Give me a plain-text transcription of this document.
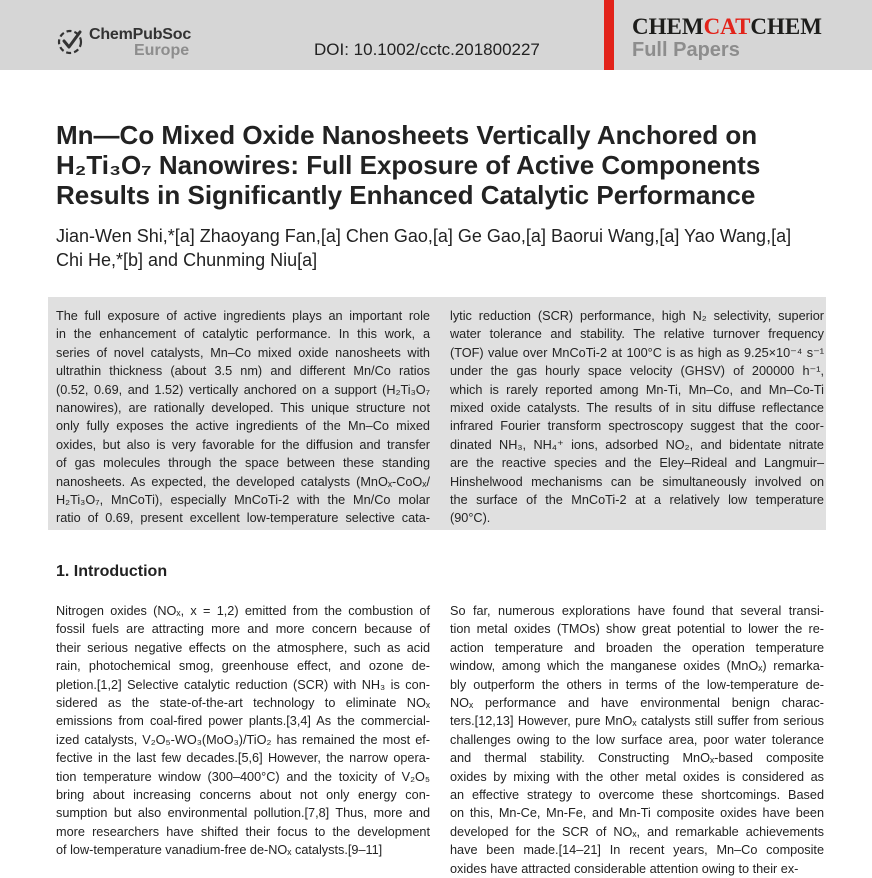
ChemPubSoc
Europe	DOI: 10.1002/cctc.201800227
CHEMCATCHEM
Full Papers
Mn—Co Mixed Oxide Nanosheets Vertically Anchored on
H₂Ti₃O₇ Nanowires: Full Exposure of Active Components
Results in Significantly Enhanced Catalytic Performance
Jian-Wen Shi,*[a] Zhaoyang Fan,[a] Chen Gao,[a] Ge Gao,[a] Baorui Wang,[a] Yao Wang,[a]
Chi He,*[b] and Chunming Niu[a]
The full exposure of active ingredients plays an important role
in the enhancement of catalytic performance. In this work, a
series of novel catalysts, Mn–Co mixed oxide nanosheets with
ultrathin thickness (about 3.5 nm) and different Mn/Co ratios
(0.52, 0.69, and 1.52) vertically anchored on a support (H₂Ti₃O₇
nanowires), are rationally developed. This unique structure not
only fully exposes the active ingredients of the Mn–Co mixed
oxides, but also is very favorable for the diffusion and transfer
of gas molecules through the space between these standing
nanosheets. As expected, the developed catalysts (MnOₓ-CoOₓ/
H₂Ti₃O₇, MnCoTi), especially MnCoTi-2 with the Mn/Co molar
ratio of 0.69, present excellent low-temperature selective cata-
lytic reduction (SCR) performance, high N₂ selectivity, superior
water tolerance and stability. The relative turnover frequency
(TOF) value over MnCoTi-2 at 100°C is as high as 9.25×10⁻⁴ s⁻¹
under the gas hourly space velocity (GHSV) of 200000 h⁻¹,
which is rarely reported among Mn-Ti, Mn–Co, and Mn–Co-Ti
mixed oxide catalysts. The results of in situ diffuse reflectance
infrared Fourier transform spectroscopy suggest that the coor-
dinated NH₃, NH₄⁺ ions, adsorbed NO₂, and bidentate nitrate
are the reactive species and the Eley–Rideal and Langmuir–
Hinshelwood mechanisms can be simultaneously involved on
the surface of the MnCoTi-2 at a relatively low temperature
(90°C).
1. Introduction
Nitrogen oxides (NOₓ, x = 1,2) emitted from the combustion of
fossil fuels are attracting more and more concern because of
their serious negative effects on the atmosphere, such as acid
rain, photochemical smog, greenhouse effect, and ozone de-
pletion.[1,2] Selective catalytic reduction (SCR) with NH₃ is con-
sidered as the state-of-the-art technology to eliminate NOₓ
emissions from coal-fired power plants.[3,4] As the commercial-
ized catalysts, V₂O₅-WO₃(MoO₃)/TiO₂ has remained the most ef-
fective in the last few decades.[5,6] However, the narrow opera-
tion temperature window (300–400°C) and the toxicity of V₂O₅
bring about increasing concerns about not only energy con-
sumption but also environmental pollution.[7,8] Thus, more and
more researchers have shifted their focus to the development
of low-temperature vanadium-free de-NOₓ catalysts.[9–11]
So far, numerous explorations have found that several transi-
tion metal oxides (TMOs) show great potential to lower the re-
action temperature and broaden the operation temperature
window, among which the manganese oxides (MnOₓ) remarka-
bly outperform the others in terms of the low-temperature de-
NOₓ performance and have environmental benign charac-
ters.[12,13] However, pure MnOₓ catalysts still suffer from serious
challenges owing to the low surface area, poor water tolerance
and thermal stability. Constructing MnOₓ-based composite
oxides by mixing with the other metal oxides is considered as
an effective strategy to overcome these shortcomings. Based
on this, Mn-Ce, Mn-Fe, and Mn-Ti composite oxides have been
developed for the SCR of NOₓ, and remarkable achievements
have been made.[14–21] In recent years, Mn–Co composite
oxides have attracted considerable attention owing to their ex-
